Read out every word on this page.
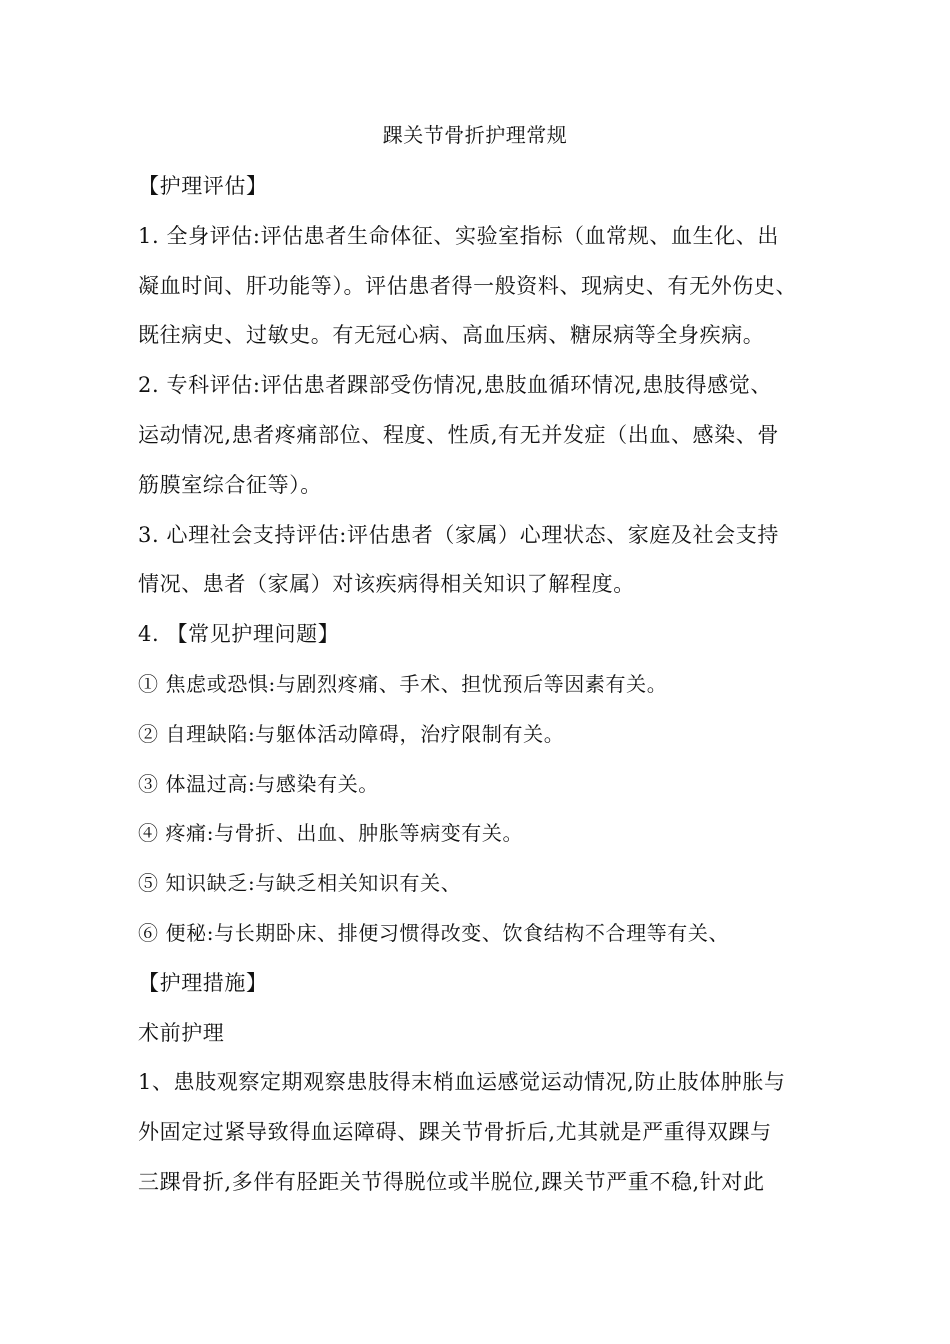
踝关节骨折护理常规
【护理评估】
1. 全身评估:评估患者生命体征、实验室指标（血常规、血生化、出
凝血时间、肝功能等）。评估患者得一般资料、现病史、有无外伤史、
既往病史、过敏史。有无冠心病、高血压病、糖尿病等全身疾病。
2. 专科评估:评估患者踝部受伤情况,患肢血循环情况,患肢得感觉、
运动情况,患者疼痛部位、程度、性质,有无并发症（出血、感染、骨
筋膜室综合征等）。
3. 心理社会支持评估:评估患者（家属）心理状态、家庭及社会支持
情况、患者（家属）对该疾病得相关知识了解程度。
4. 【常见护理问题】
① 焦虑或恐惧:与剧烈疼痛、手术、担忧预后等因素有关。
② 自理缺陷:与躯体活动障碍，治疗限制有关。
③ 体温过高:与感染有关。
④ 疼痛:与骨折、出血、肿胀等病变有关。
⑤ 知识缺乏:与缺乏相关知识有关、
⑥ 便秘:与长期卧床、排便习惯得改变、饮食结构不合理等有关、
【护理措施】
术前护理
1、患肢观察定期观察患肢得末梢血运感觉运动情况,防止肢体肿胀与
外固定过紧导致得血运障碍、踝关节骨折后,尤其就是严重得双踝与
三踝骨折,多伴有胫距关节得脱位或半脱位,踝关节严重不稳,针对此
